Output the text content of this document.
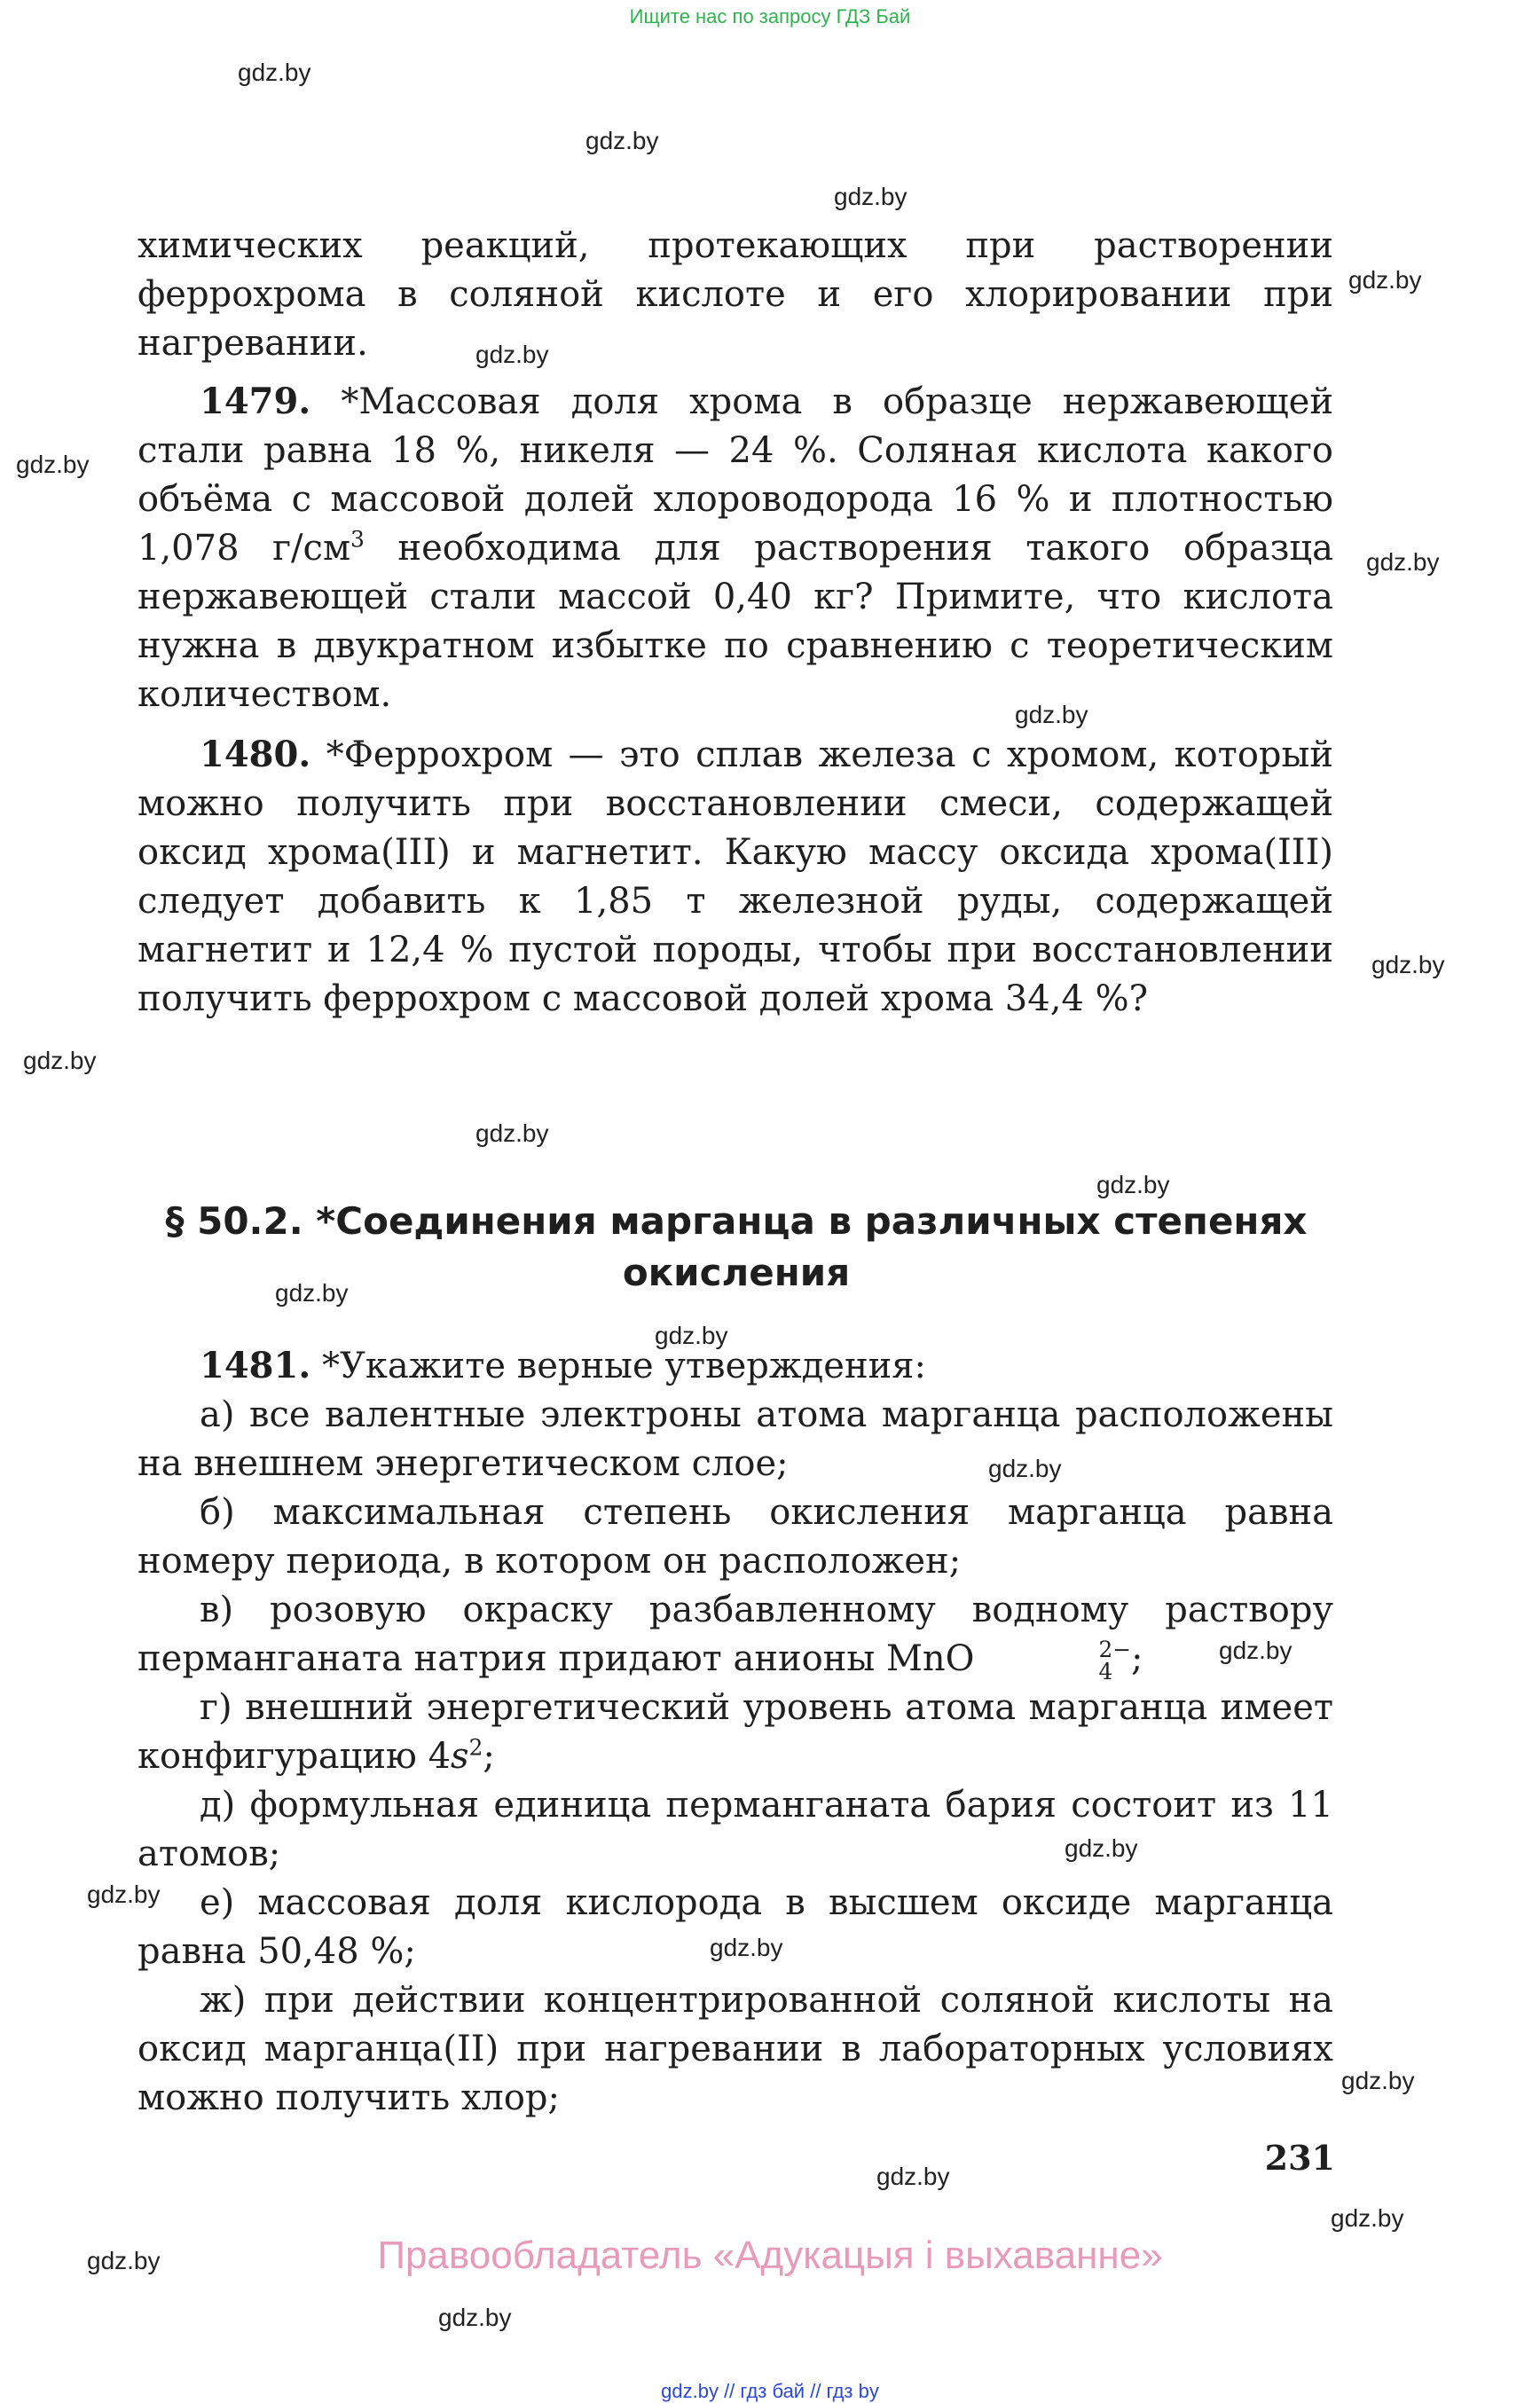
Ищите нас по запросу ГДЗ Бай
gdz.by
gdz.by
gdz.by
gdz.by
gdz.by
gdz.by
gdz.by
gdz.by
gdz.by
gdz.by
gdz.by
gdz.by
gdz.by
gdz.by
gdz.by
gdz.by
gdz.by
gdz.by
gdz.by
gdz.by
gdz.by
gdz.by
gdz.by
gdz.by

химических реакций, протекающих при растворении феррохрома в соляной кислоте и его хлорировании при нагревании.

1479. *Массовая доля хрома в образце нержавеющей стали равна 18 %, никеля — 24 %. Соляная кислота какого объёма с массовой долей хлороводорода 16 % и плотностью 1,078 $г/см^3$ необходима для растворения такого образца нержавеющей стали массой 0,40 кг? Примите, что кислота нужна в двукратном избытке по сравнению с теоретическим количеством.

1480. *Феррохром — это сплав железа с хромом, который можно получить при восстановлении смеси, содержащей оксид хрома(III) и магнетит. Какую массу оксида хрома(III) следует добавить к 1,85 т железной руды, содержащей магнетит и 12,4 % пустой породы, чтобы при восстановлении получить феррохром с массовой долей хрома 34,4 %?

§ 50.2. *Соединения марганца в различных степенях
окисления

1481. *Укажите верные утверждения:

а) все валентные электроны атома марганца расположены на внешнем энергетическом слое;

б) максимальная степень окисления марганца равна номеру периода, в котором он расположен;

в) розовую окраску разбавленному водному раствору перманганата натрия придают анионы MnO	2−
4 ;

г) внешний энергетический уровень атома марганца имеет конфигурацию $4s^2$;

д) формульная единица перманганата бария состоит из 11 атомов;

е) массовая доля кислорода в высшем оксиде марганца равна 50,48 %;

ж) при действии концентрированной соляной кислоты на оксид марганца(II) при нагревании в лабораторных условиях можно получить хлор;

231
Правообладатель «Адукацыя і выхаванне»
gdz.by // гдз бай // гдз by
